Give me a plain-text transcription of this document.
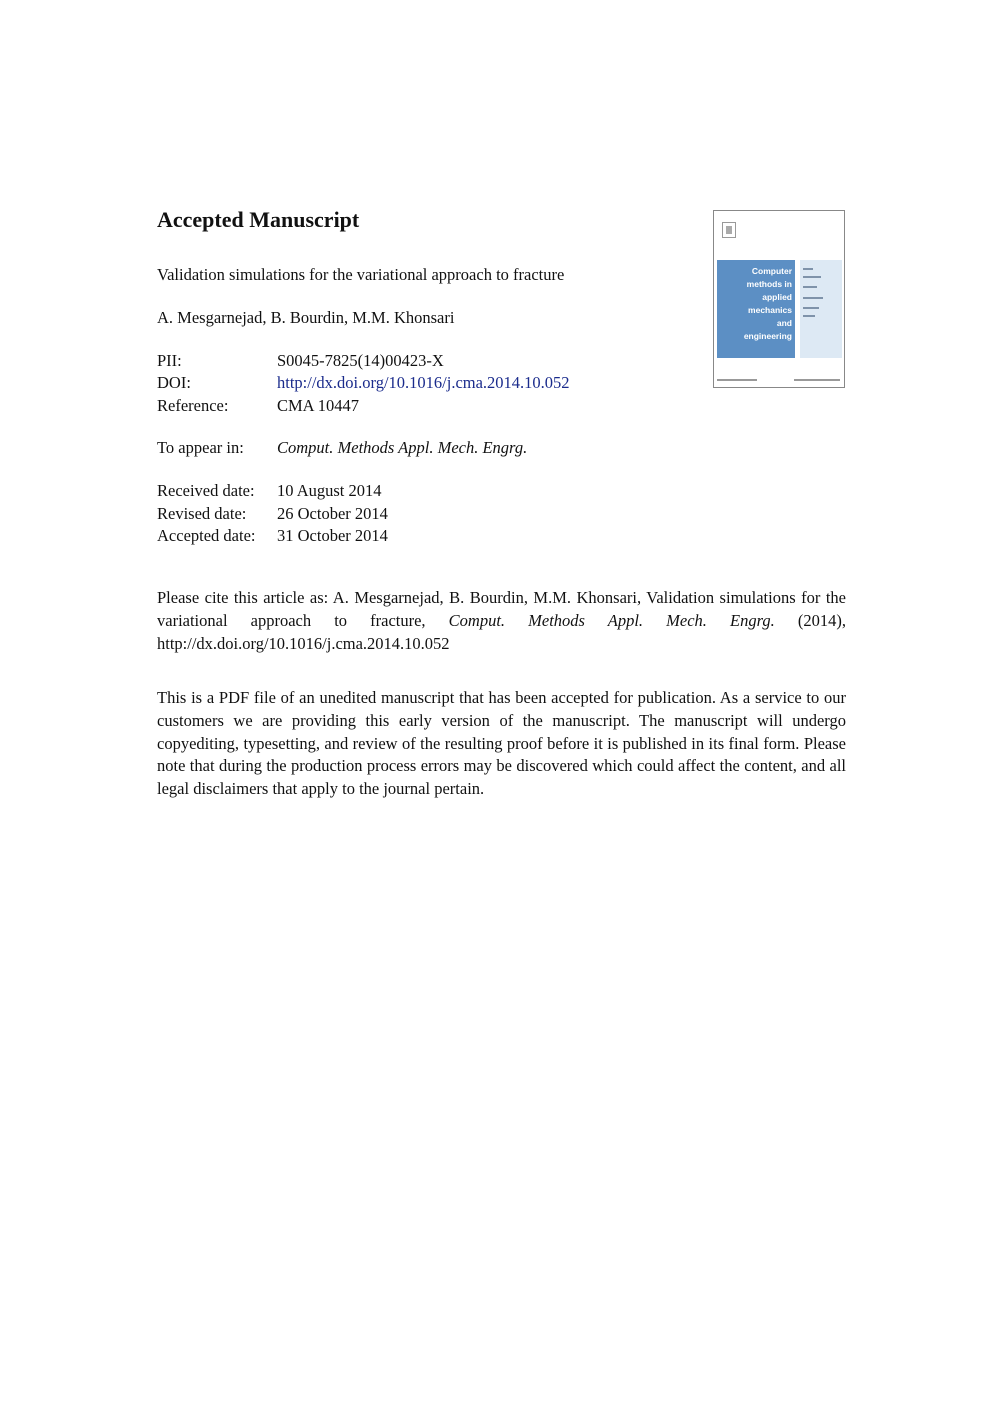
Accepted Manuscript
Validation simulations for the variational approach to fracture
A. Mesgarnejad, B. Bourdin, M.M. Khonsari
PII:	S0045-7825(14)00423-X
DOI:	http://dx.doi.org/10.1016/j.cma.2014.10.052
Reference:	CMA 10447
To appear in: Comput. Methods Appl. Mech. Engrg.
Received date: 10 August 2014
Revised date: 26 October 2014
Accepted date: 31 October 2014

Please cite this article as: A. Mesgarnejad, B. Bourdin, M.M. Khonsari, Validation simulations for the variational approach to fracture, Comput. Methods Appl. Mech. Engrg. (2014), http://dx.doi.org/10.1016/j.cma.2014.10.052

This is a PDF file of an unedited manuscript that has been accepted for publication. As a service to our customers we are providing this early version of the manuscript. The manuscript will undergo copyediting, typesetting, and review of the resulting proof before it is published in its final form. Please note that during the production process errors may be discovered which could affect the content, and all legal disclaimers that apply to the journal pertain.

Computer
methods in
applied
mechanics
and
engineering
